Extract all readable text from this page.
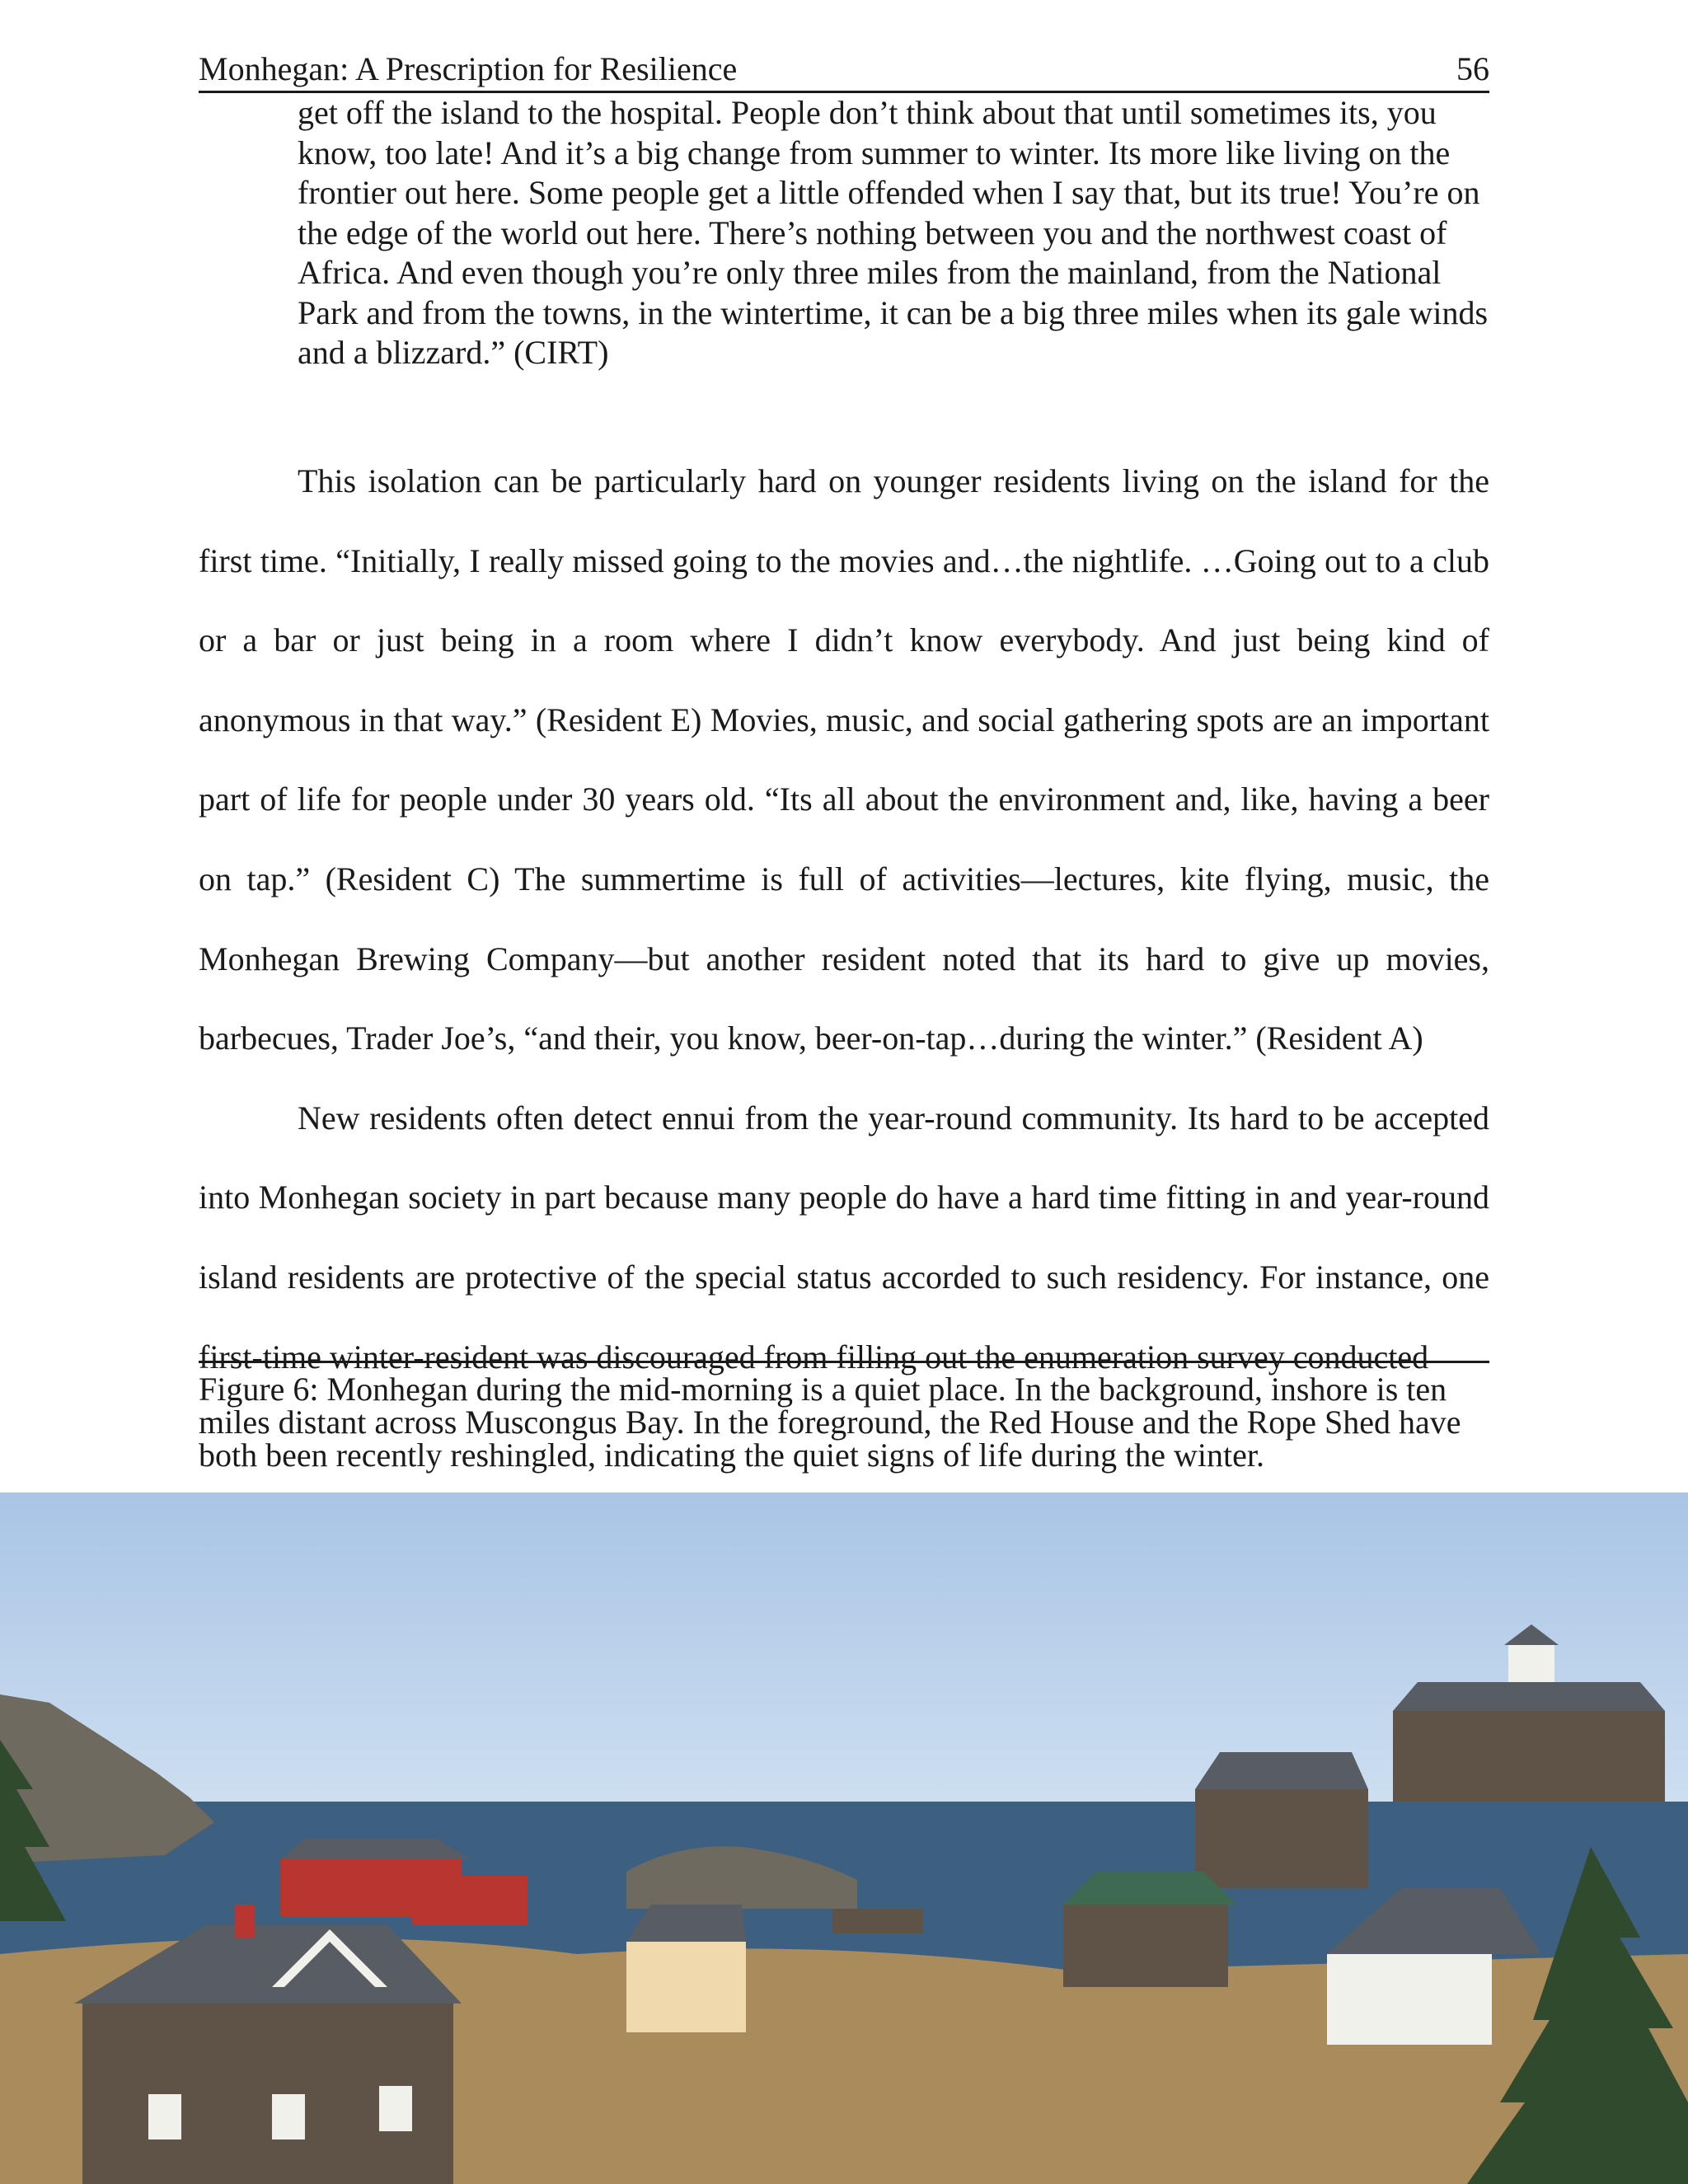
Monhegan: A Prescription for Resilience	56

get off the island to the hospital. People don’t think about that until sometimes its, you know, too late! And it’s a big change from summer to winter. Its more like living on the frontier out here. Some people get a little offended when I say that, but its true! You’re on the edge of the world out here. There’s nothing between you and the northwest coast of Africa. And even though you’re only three miles from the mainland, from the National Park and from the towns, in the wintertime, it can be a big three miles when its gale winds and a blizzard.” (CIRT)

This isolation can be particularly hard on younger residents living on the island for the first time. “Initially, I really missed going to the movies and…the nightlife. …Going out to a club or a bar or just being in a room where I didn’t know everybody. And just being kind of anonymous in that way.” (Resident E) Movies, music, and social gathering spots are an important part of life for people under 30 years old. “Its all about the environment and, like, having a beer on tap.” (Resident C) The summertime is full of activities—lectures, kite flying, music, the Monhegan Brewing Company—but another resident noted that its hard to give up movies, barbecues, Trader Joe’s, “and their, you know, beer-on-tap…during the winter.” (Resident A)

New residents often detect ennui from the year-round community. Its hard to be accepted into Monhegan society in part because many people do have a hard time fitting in and year-round island residents are protective of the special status accorded to such residency. For instance, one first-time winter-resident was discouraged from filling out the enumeration survey conducted

Figure 6: Monhegan during the mid-morning is a quiet place. In the background, inshore is ten miles distant across Muscongus Bay. In the foreground, the Red House and the Rope Shed have both been recently reshingled, indicating the quiet signs of life during the winter.
